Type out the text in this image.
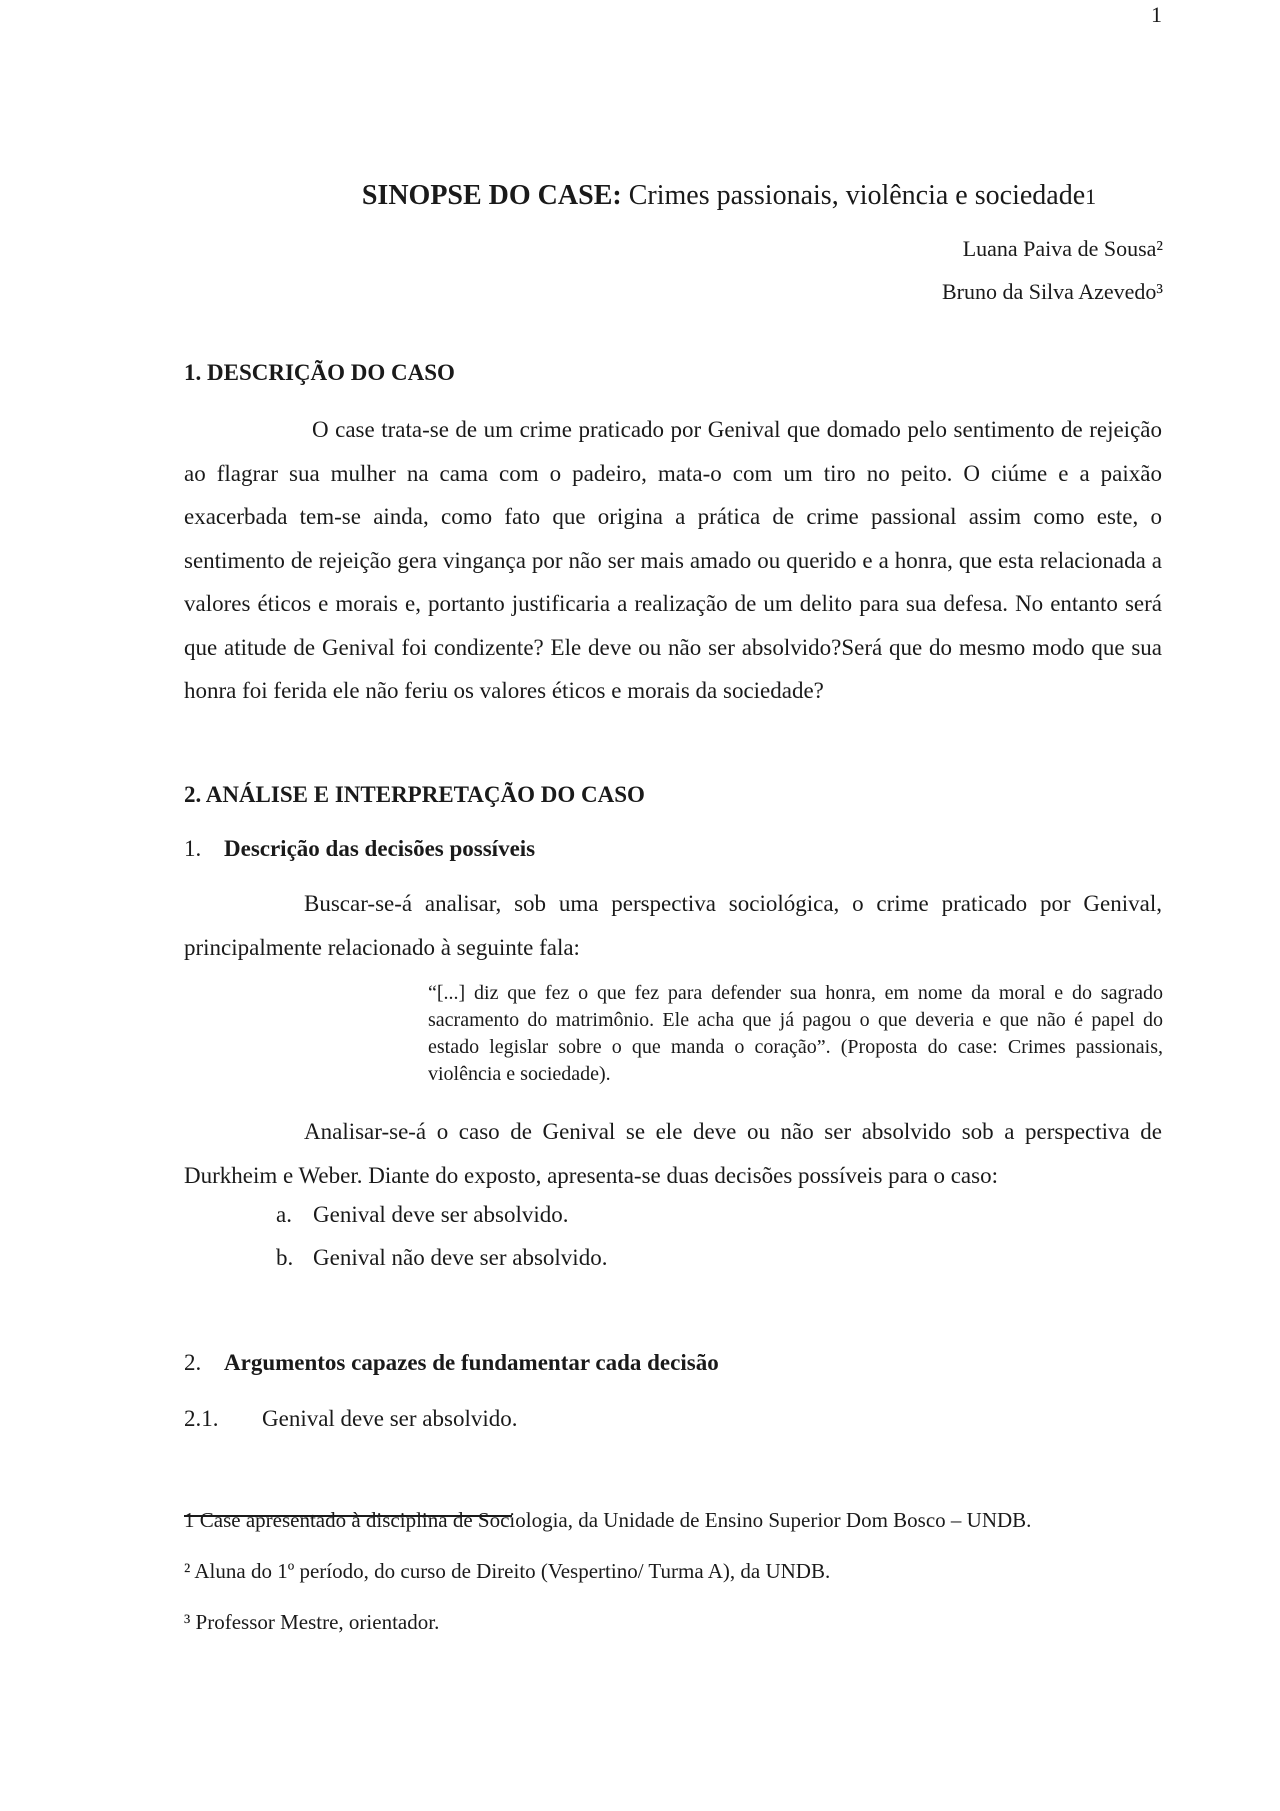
1
SINOPSE DO CASE: Crimes passionais, violência e sociedade1
Luana Paiva de Sousa²
Bruno da Silva Azevedo³
1. DESCRIÇÃO DO CASO
O case trata-se de um crime praticado por Genival que domado pelo sentimento de rejeição ao flagrar sua mulher na cama com o padeiro, mata-o com um tiro no peito. O ciúme e a paixão exacerbada tem-se ainda, como fato que origina a prática de crime passional assim como este, o sentimento de rejeição gera vingança por não ser mais amado ou querido e a honra, que esta relacionada a valores éticos e morais e, portanto justificaria a realização de um delito para sua defesa. No entanto será que atitude de Genival foi condizente? Ele deve ou não ser absolvido?Será que do mesmo modo que sua honra foi ferida ele não feriu os valores éticos e morais da sociedade?
2. ANÁLISE E INTERPRETAÇÃO DO CASO
1. Descrição das decisões possíveis
Buscar-se-á analisar, sob uma perspectiva sociológica, o crime praticado por Genival, principalmente relacionado à seguinte fala:
“[...] diz que fez o que fez para defender sua honra, em nome da moral e do sagrado sacramento do matrimônio. Ele acha que já pagou o que deveria e que não é papel do estado legislar sobre o que manda o coração”. (Proposta do case: Crimes passionais, violência e sociedade).
Analisar-se-á o caso de Genival se ele deve ou não ser absolvido sob a perspectiva de Durkheim e Weber. Diante do exposto, apresenta-se duas decisões possíveis para o caso:
a. Genival deve ser absolvido.
b. Genival não deve ser absolvido.
2. Argumentos capazes de fundamentar cada decisão
2.1. Genival deve ser absolvido.
1 Case apresentado à disciplina de Sociologia, da Unidade de Ensino Superior Dom Bosco – UNDB.
² Aluna do 1º período, do curso de Direito (Vespertino/ Turma A), da UNDB.
³ Professor Mestre, orientador.
